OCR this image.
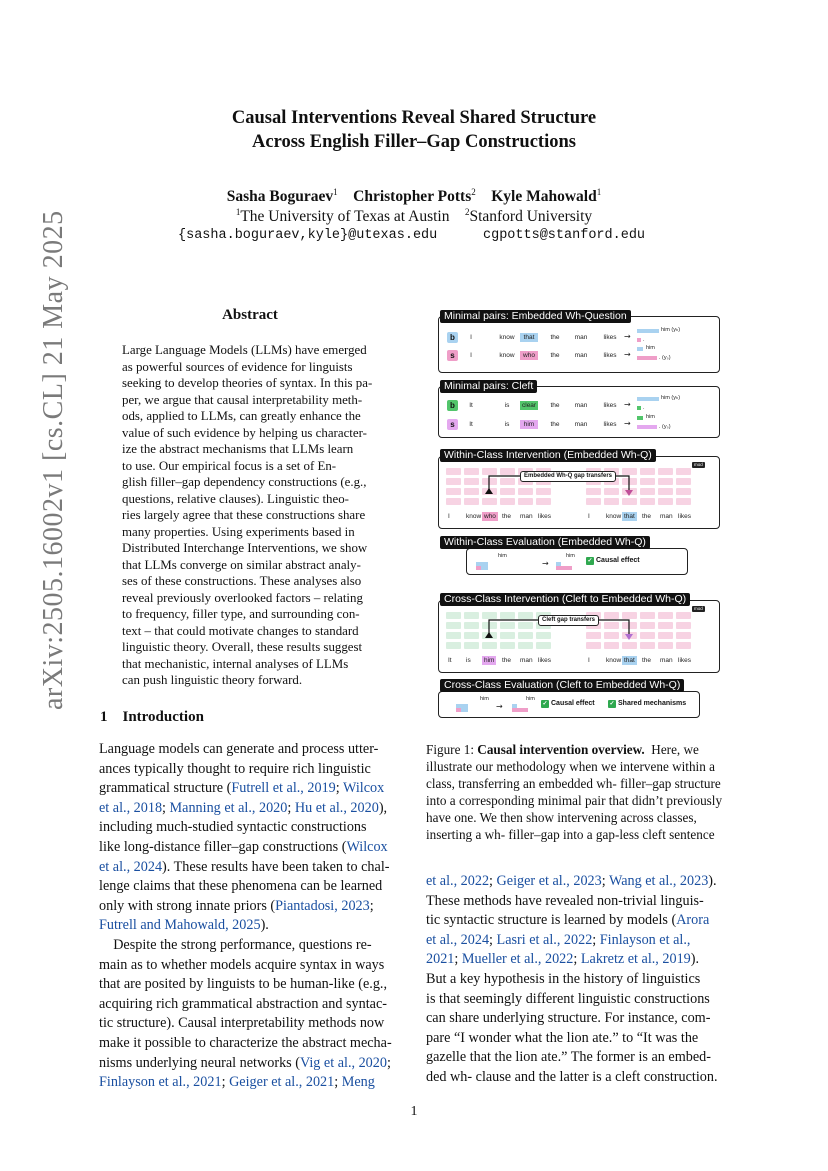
arXiv:2505.16002v1 [cs.CL] 21 May 2025
Causal Interventions Reveal Shared Structure
Across English Filler–Gap Constructions
Sasha Boguraev$^1$ Christopher Potts$^2$ Kyle Mahowald$^1$
$^1$The University of Texas at Austin $^2$Stanford University
{sasha.boguraev,kyle}@utexas.edu	cgpotts@stanford.edu
Abstract
Large Language Models (LLMs) have emerged
as powerful sources of evidence for linguists
seeking to develop theories of syntax. In this pa-
per, we argue that causal interpretability meth-
ods, applied to LLMs, can greatly enhance the
value of such evidence by helping us character-
ize the abstract mechanisms that LLMs learn
to use. Our empirical focus is a set of En-
glish filler–gap dependency constructions (e.g.,
questions, relative clauses). Linguistic theo-
ries largely agree that these constructions share
many properties. Using experiments based in
Distributed Interchange Interventions, we show
that LLMs converge on similar abstract analy-
ses of these constructions. These analyses also
reveal previously overlooked factors – relating
to frequency, filler type, and surrounding con-
text – that could motivate changes to standard
linguistic theory. Overall, these results suggest
that mechanistic, internal analyses of LLMs
can push linguistic theory forward.
1 Introduction
Language models can generate and process utter-
ances typically thought to require rich linguistic
grammatical structure (Futrell et al., 2019; Wilcox
et al., 2018; Manning et al., 2020; Hu et al., 2020),
including much-studied syntactic constructions
like long-distance filler–gap constructions (Wilcox
et al., 2024). These results have been taken to chal-
lenge claims that these phenomena can be learned
only with strong innate priors (Piantadosi, 2023;
Futrell and Mahowald, 2025).
Despite the strong performance, questions re-
main as to whether models acquire syntax in ways
that are posited by linguists to be human-like (e.g.,
acquiring rich grammatical abstraction and syntac-
tic structure). Causal interpretability methods now
make it possible to characterize the abstract mecha-
nisms underlying neural networks (Vig et al., 2020;
Finlayson et al., 2021; Geiger et al., 2021; Meng
et al., 2022; Geiger et al., 2023; Wang et al., 2023).
These methods have revealed non-trivial linguis-
tic syntactic structure is learned by models (Arora
et al., 2024; Lasri et al., 2022; Finlayson et al.,
2021; Mueller et al., 2022; Lakretz et al., 2019).
But a key hypothesis in the history of linguistics
is that seemingly different linguistic constructions
can share underlying structure. For instance, com-
pare “I wonder what the lion ate.” to “It was the
gazelle that the lion ate.” The former is an embed-
ded wh- clause and the latter is a cleft construction.
Figure 1: Causal intervention overview. Here, we
illustrate our methodology when we intervene within a
class, transferring an embedded wh- filler–gap structure
into a corresponding minimal pair that didn’t previously
have one. We then show intervening across classes,
inserting a wh- filler–gap into a gap-less cleft sentence
1
Minimal pairs: Embedded Wh-Question
b	I	know	that	the	man	likes →
s	I	know	who	the	man	likes →
him (yₕ)
.
him
. (yₛ)
Minimal pairs: Cleft
b	It	is	clear	the	man	likes →
s	It	is	him	the	man	likes →
him (yₕ)
.
him
. (yₛ)
Within-Class Intervention (Embedded Wh-Q)
I	know who the	man likes	I	know that	the	man likes
Embedded Wh-Q gap transfers
mod
Within-Class Evaluation (Embedded Wh-Q)
him
→
him
✓ Causal effect
Cross-Class Intervention (Cleft to Embedded Wh-Q)
It	is	him	the	man likes	I	know that	the	man likes
Cleft gap transfers
mod
Cross-Class Evaluation (Cleft to Embedded Wh-Q)
him
→
him
✓ Causal effect ✓ Shared mechanisms
